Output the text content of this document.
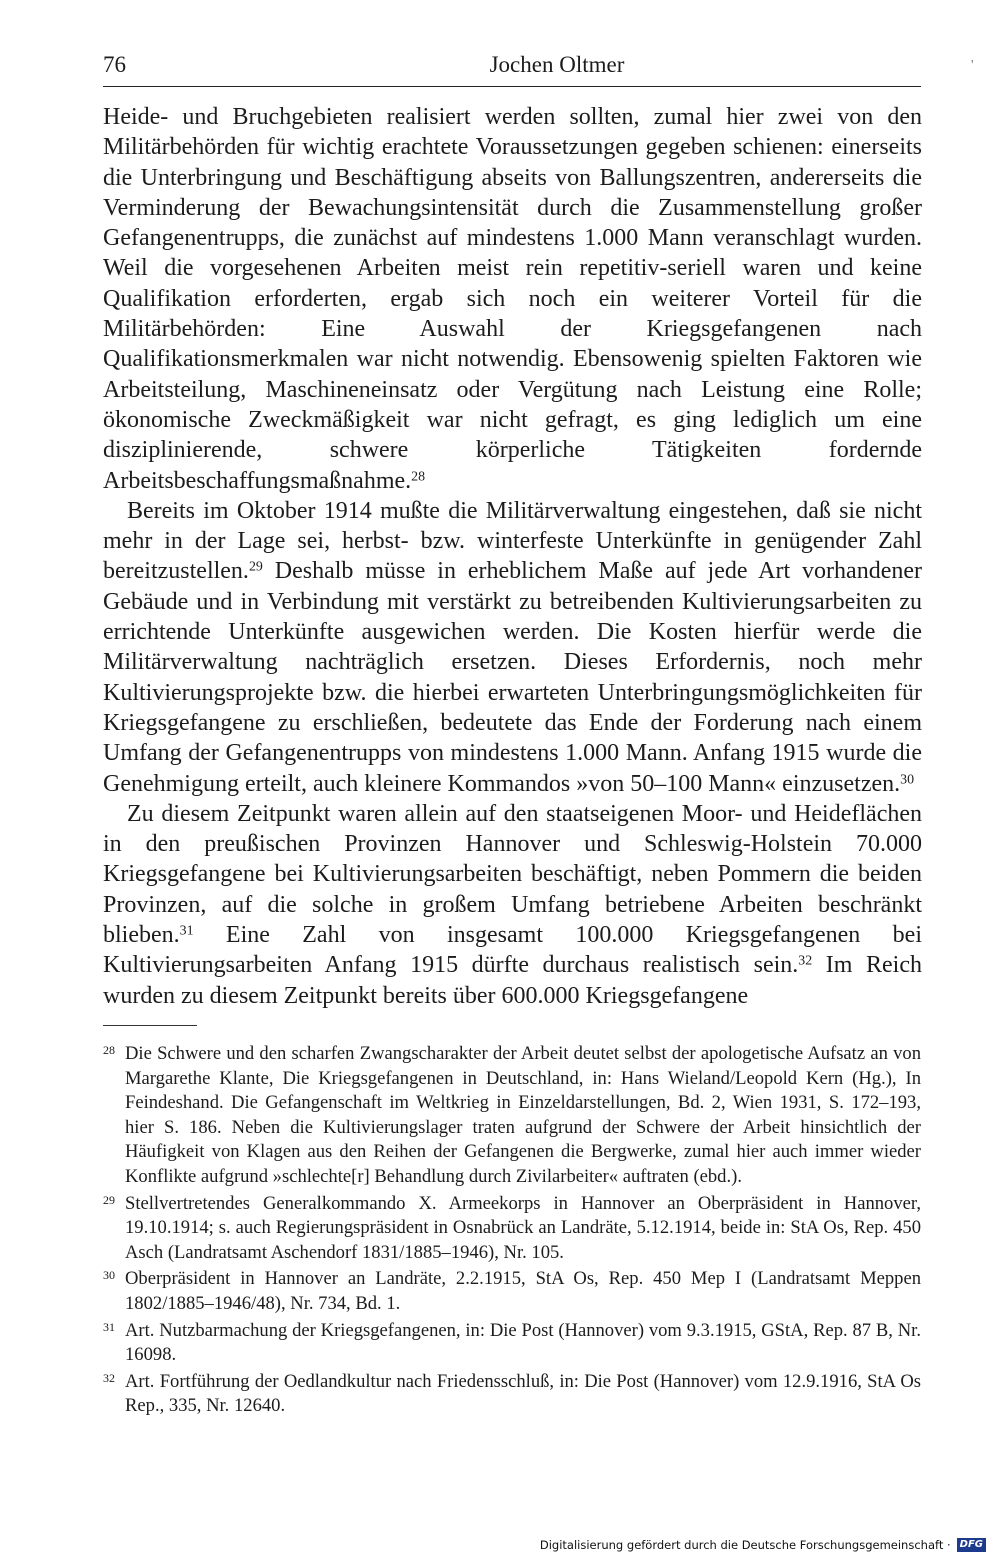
76	Jochen Oltmer	'

Heide- und Bruchgebieten realisiert werden sollten, zumal hier zwei von den Militärbehörden für wichtig erachtete Voraussetzungen gegeben schienen: einerseits die Unterbringung und Beschäftigung abseits von Ballungszentren, andererseits die Verminderung der Bewachungsintensität durch die Zusammenstellung großer Gefangenentrupps, die zunächst auf mindestens 1.000 Mann veranschlagt wurden. Weil die vorgesehenen Arbeiten meist rein repetitiv-seriell waren und keine Qualifikation erforderten, ergab sich noch ein weiterer Vorteil für die Militärbehörden: Eine Auswahl der Kriegsgefangenen nach Qualifikationsmerkmalen war nicht notwendig. Ebensowenig spielten Faktoren wie Arbeitsteilung, Maschineneinsatz oder Vergütung nach Leistung eine Rolle; ökonomische Zweckmäßigkeit war nicht gefragt, es ging lediglich um eine disziplinierende, schwere körperliche Tätigkeiten fordernde Arbeitsbeschaffungsmaßnahme.$^{28}$

Bereits im Oktober 1914 mußte die Militärverwaltung eingestehen, daß sie nicht mehr in der Lage sei, herbst- bzw. winterfeste Unterkünfte in genügender Zahl bereitzustellen.$^{29}$ Deshalb müsse in erheblichem Maße auf jede Art vorhandener Gebäude und in Verbindung mit verstärkt zu betreibenden Kultivierungsarbeiten zu errichtende Unterkünfte ausgewichen werden. Die Kosten hierfür werde die Militärverwaltung nachträglich ersetzen. Dieses Erfordernis, noch mehr Kultivierungsprojekte bzw. die hierbei erwarteten Unterbringungsmöglichkeiten für Kriegsgefangene zu erschließen, bedeutete das Ende der Forderung nach einem Umfang der Gefangenentrupps von mindestens 1.000 Mann. Anfang 1915 wurde die Genehmigung erteilt, auch kleinere Kommandos »von 50–100 Mann« einzusetzen.$^{30}$

Zu diesem Zeitpunkt waren allein auf den staatseigenen Moor- und Heideflächen in den preußischen Provinzen Hannover und Schleswig-Holstein 70.000 Kriegsgefangene bei Kultivierungsarbeiten beschäftigt, neben Pommern die beiden Provinzen, auf die solche in großem Umfang betriebene Arbeiten beschränkt blieben.$^{31}$ Eine Zahl von insgesamt 100.000 Kriegsgefangenen bei Kultivierungsarbeiten Anfang 1915 dürfte durchaus realistisch sein.$^{32}$ Im Reich wurden zu diesem Zeitpunkt bereits über 600.000 Kriegsgefangene

28 Die Schwere und den scharfen Zwangscharakter der Arbeit deutet selbst der apologetische Aufsatz an von Margarethe Klante, Die Kriegsgefangenen in Deutschland, in: Hans Wieland/Leopold Kern (Hg.), In Feindeshand. Die Gefangenschaft im Weltkrieg in Einzeldarstellungen, Bd. 2, Wien 1931, S. 172–193, hier S. 186. Neben die Kultivierungslager traten aufgrund der Schwere der Arbeit hinsichtlich der Häufigkeit von Klagen aus den Reihen der Gefangenen die Bergwerke, zumal hier auch immer wieder Konflikte aufgrund »schlechte[r] Behandlung durch Zivilarbeiter« auftraten (ebd.).

29 Stellvertretendes Generalkommando X. Armeekorps in Hannover an Oberpräsident in Hannover, 19.10.1914; s. auch Regierungspräsident in Osnabrück an Landräte, 5.12.1914, beide in: StA Os, Rep. 450 Asch (Landratsamt Aschendorf 1831/1885–1946), Nr. 105.

30 Oberpräsident in Hannover an Landräte, 2.2.1915, StA Os, Rep. 450 Mep I (Landratsamt Meppen 1802/1885–1946/48), Nr. 734, Bd. 1.

31 Art. Nutzbarmachung der Kriegsgefangenen, in: Die Post (Hannover) vom 9.3.1915, GStA, Rep. 87 B, Nr. 16098.

32 Art. Fortführung der Oedlandkultur nach Friedensschluß, in: Die Post (Hannover) vom 12.9.1916, StA Os Rep., 335, Nr. 12640.

Digitalisierung gefördert durch die Deutsche Forschungsgemeinschaft · DFG
